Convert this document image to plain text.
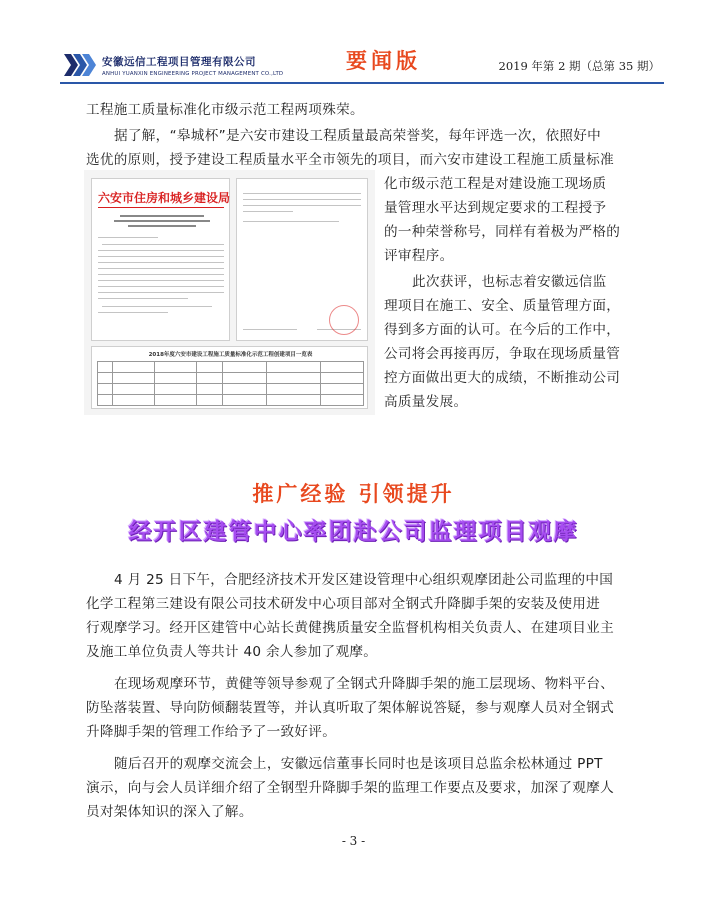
安徽远信工程项目管理有限公司
ANHUI YUANXIN ENGINEERING PROJECT MANAGEMENT CO.,LTD
要闻版	2019 年第 2 期（总第 35 期）
工程施工质量标准化市级示范工程两项殊荣。
据了解，“皋城杯”是六安市建设工程质量最高荣誉奖，每年评选一次，依照好中
选优的原则，授予建设工程质量水平全市领先的项目，而六安市建设工程施工质量标准
化市级示范工程是对建设施工现场质
量管理水平达到规定要求的工程授予
的一种荣誉称号，同样有着极为严格的
评审程序。
此次获评，也标志着安徽远信监
理项目在施工、安全、质量管理方面，
得到多方面的认可。在今后的工作中，
公司将会再接再厉，争取在现场质量管
控方面做出更大的成绩，不断推动公司
高质量发展。
六安市住房和城乡建设局
2018年度六安市建设工程施工质量标准化示范工程创建项目一览表
推广经验 引领提升
经开区建管中心率团赴公司监理项目观摩
4 月 25 日下午，合肥经济技术开发区建设管理中心组织观摩团赴公司监理的中国
化学工程第三建设有限公司技术研发中心项目部对全钢式升降脚手架的安装及使用进
行观摩学习。经开区建管中心站长黄健携质量安全监督机构相关负责人、在建项目业主
及施工单位负责人等共计 40 余人参加了观摩。
在现场观摩环节，黄健等领导参观了全钢式升降脚手架的施工层现场、物料平台、
防坠落装置、导向防倾翻装置等，并认真听取了架体解说答疑，参与观摩人员对全钢式
升降脚手架的管理工作给予了一致好评。
随后召开的观摩交流会上，安徽远信董事长同时也是该项目总监余松林通过 PPT
演示，向与会人员详细介绍了全钢型升降脚手架的监理工作要点及要求，加深了观摩人
员对架体知识的深入了解。
- 3 -
